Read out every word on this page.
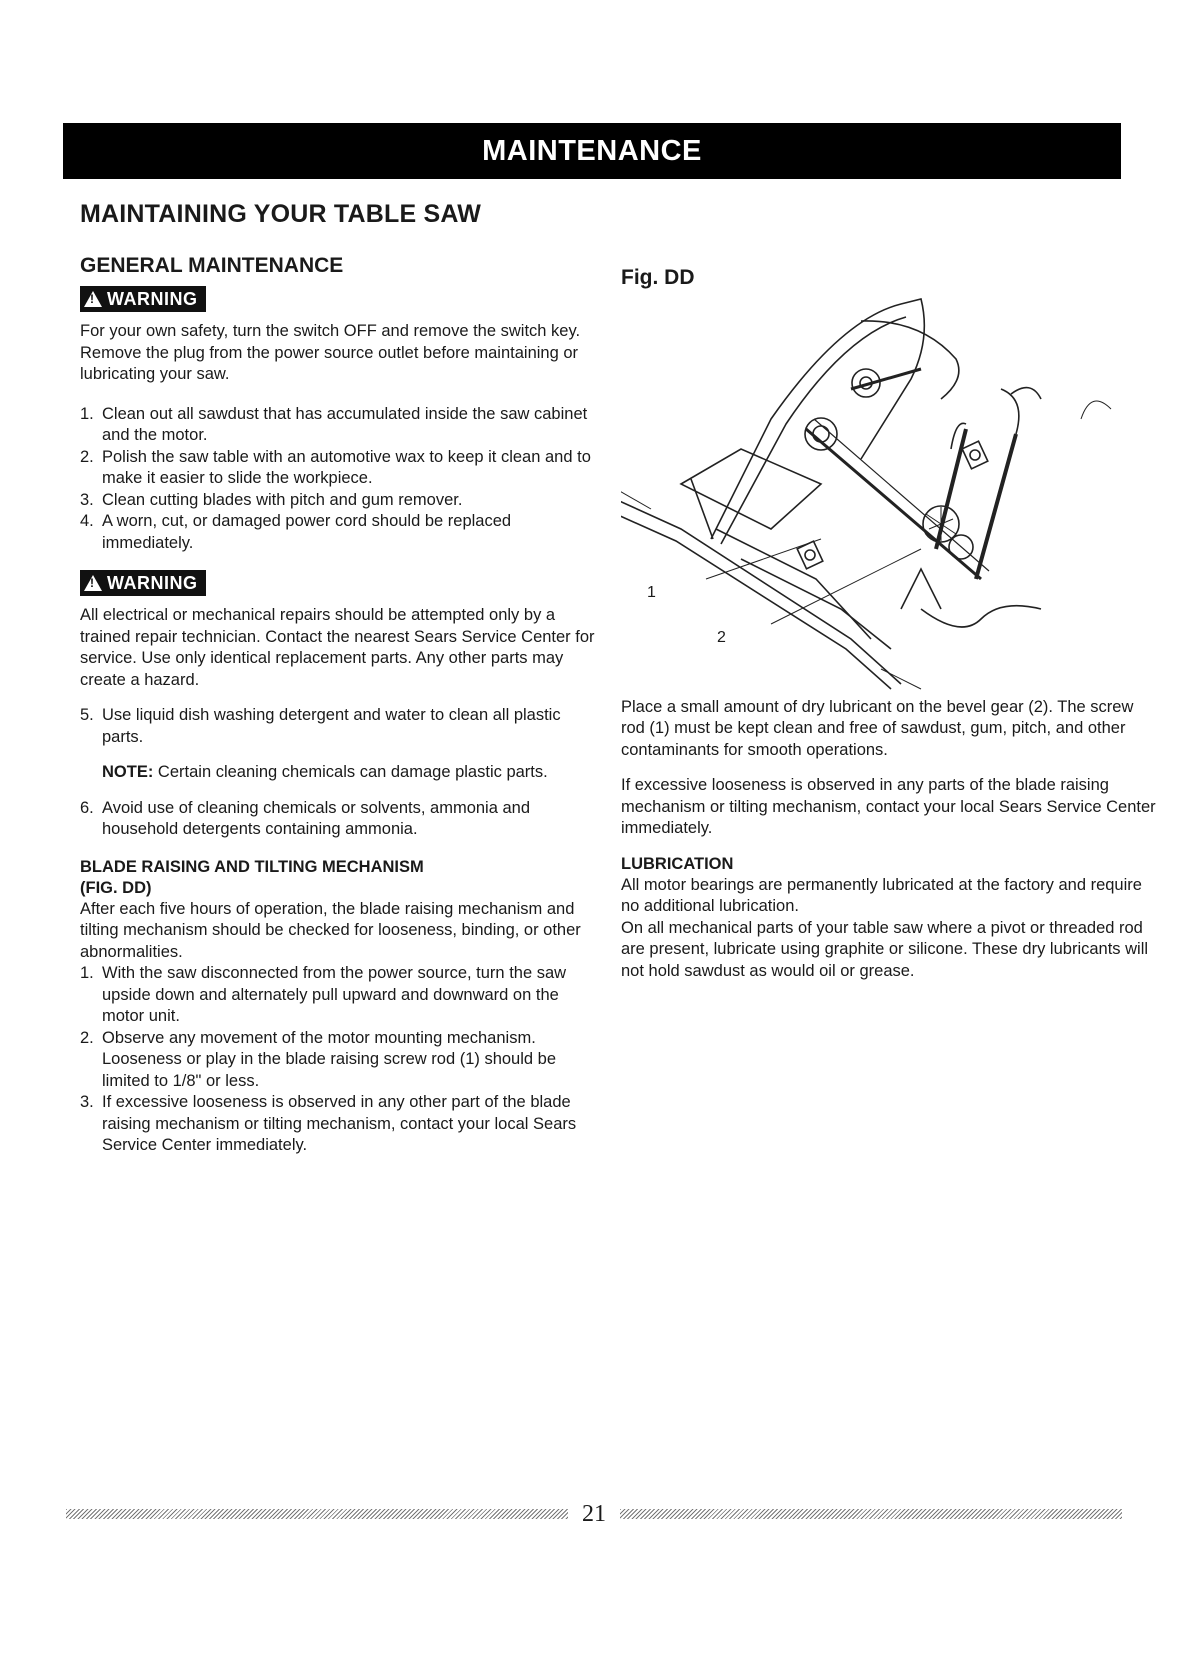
MAINTENANCE
MAINTAINING YOUR TABLE SAW
GENERAL MAINTENANCE
!
WARNING

For your own safety, turn the switch OFF and remove the switch key. Remove the plug from the power source outlet before maintaining or lubricating your saw.

1. Clean out all sawdust that has accumulated inside the saw cabinet and the motor.
2. Polish the saw table with an automotive wax to keep it clean and to make it easier to slide the workpiece.
3. Clean cutting blades with pitch and gum remover.
4. A worn, cut, or damaged power cord should be replaced immediately.
!
WARNING

All electrical or mechanical repairs should be attempted only by a trained repair technician. Contact the nearest Sears Service Center for service. Use only identical replacement parts. Any other parts may create a hazard.

5. Use liquid dish washing detergent and water to clean all plastic parts.

NOTE: Certain cleaning chemicals can damage plastic parts.

6. Avoid use of cleaning chemicals or solvents, ammonia and household detergents containing ammonia.

BLADE RAISING AND TILTING MECHANISM

(FIG. DD)

After each five hours of operation, the blade raising mechanism and tilting mechanism should be checked for looseness, binding, or other abnormalities.

1. With the saw disconnected from the power source, turn the saw upside down and alternately pull upward and downward on the motor unit.
2. Observe any movement of the motor mounting mechanism. Looseness or play in the blade raising screw rod (1) should be limited to 1/8" or less.
3. If excessive looseness is observed in any other part of the blade raising mechanism or tilting mechanism, contact your local Sears Service Center immediately.

Fig. DD

1
2

Place a small amount of dry lubricant on the bevel gear (2). The screw rod (1) must be kept clean and free of sawdust, gum, pitch, and other contaminants for smooth operations.

If excessive looseness is observed in any parts of the blade raising mechanism or tilting mechanism, contact your local Sears Service Center immediately.

LUBRICATION

All motor bearings are permanently lubricated at the factory and require no additional lubrication.

On all mechanical parts of your table saw where a pivot or threaded rod are present, lubricate using graphite or silicone. These dry lubricants will not hold sawdust as would oil or grease.

21
